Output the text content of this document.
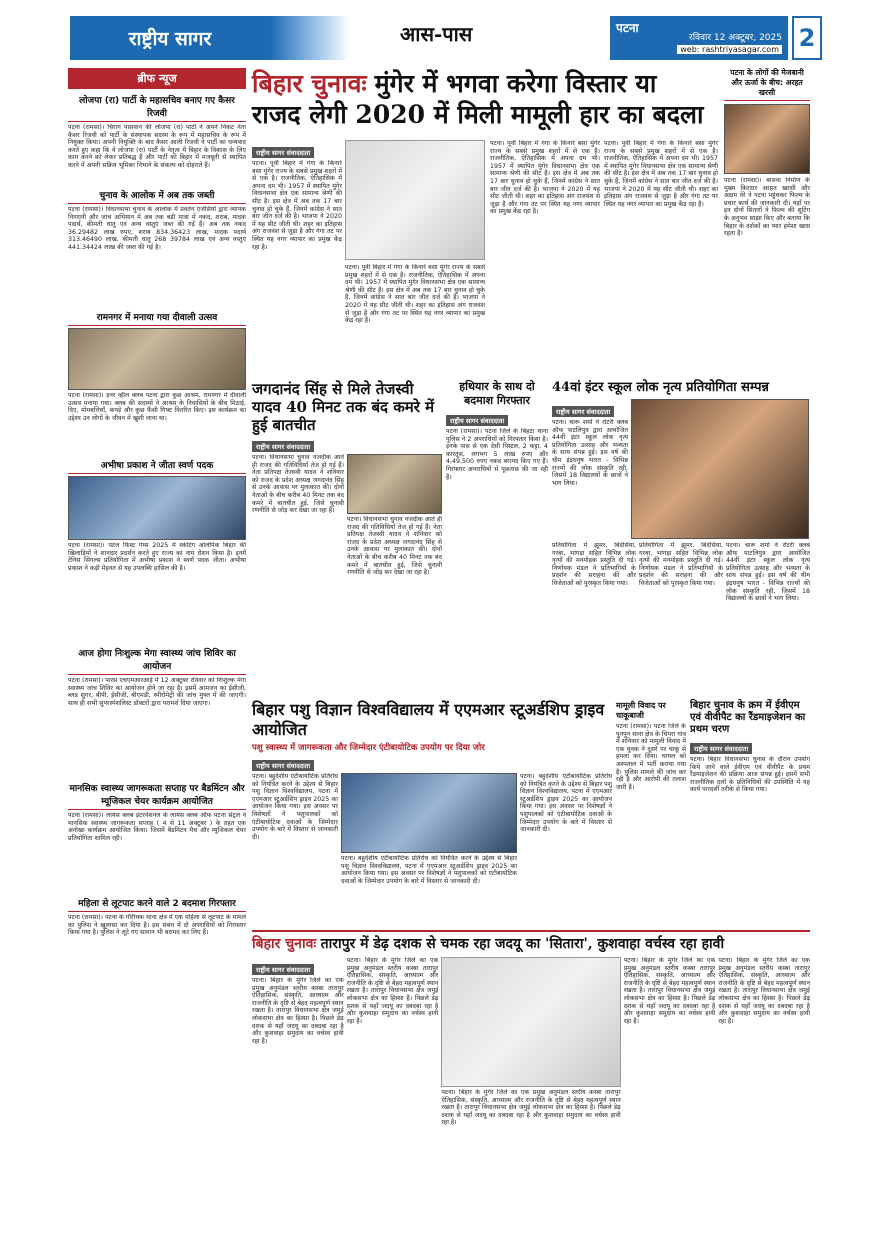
राष्ट्रीय सागर	आस-पास	पटना
रविवार 12 अक्टूबर, 2025
web: rashtriyasagar.com 2
ब्रीफ न्यूज
लोजपा (रा) पार्टी के महासचिव बनाए गए कैसर रिजवी
पटना (रामसा)। चिराग पासवान की लोजपा (रा) पार्टी ने अपने निकट नेता कैसर रिजवी को पार्टी के संस्थापक सदस्य के रूप में महासचिव के रूप में नियुक्त किया। अपनी नियुक्ति के बाद कैसर आली रिजवी ने पार्टी का धन्यवाद करते हुए कहा कि वे लोजपा (रा) पार्टी के नेतृत्व में बिहार के विकास के लिए काम करने को लेकर प्रतिबद्ध हैं और पार्टी को बिहार में मजबूती से स्थापित करने में अपनी सक्रिय भूमिका निभाने के संकल्प को दोहराते हैं।
चुनाव के आलोक में अब तक जब्ती
पटना (रामसा)। विधानसभा चुनाव के आलोक में प्रवर्तन एजेंसियों द्वारा व्यापक निगरानी और जांच अभियान में अब तक बड़ी मात्रा में नकद, शराब, मादक पदार्थ, कीमती धातु एवं अन्य वस्तुएं जब्त की गई हैं। अब तक नकद 36.29482 लाख रुपए, शराब 834.36423 लाख, मादक पदार्थ 313.46490 लाख, कीमती धातु 268 39784 लाख एवं अन्य वस्तुएं 441.34424 लाख की जब्त की गई है।
रामनगर में मनाया गया दीवाली उत्सव
पटना (रामसा)। इनर व्हील क्लब पटना द्वारा कुछ आश्रम, रामनगर में दीवाली उत्सव मनाया गया। क्लब की सदस्यों ने आश्रम के निवासियों के बीच मिठाई, दिए, मोमबत्तियाँ, कपड़े और कुछ फैंसी गिफ्ट वितरित किए। इस कार्यक्रम का उद्देश्य उन लोगों के जीवन में खुशी लाना था।
अभीषा प्रकाश ने जीता स्वर्ण पदक
पटना (रामसा)। पटेल फिस्ट गेम्स 2025 में स्केटिंग ओलंपिक बिहार की खिलाड़ियों ने शानदार प्रदर्शन करते हुए राज्य का नाम रोशन किया है। इनमें टेनिस सिंगल्स प्रतियोगिता में अभीषा प्रकाश ने स्वर्ण पदक जीता। अभीषा प्रकाश ने कड़ी मेहनत से यह उपलब्धि हासिल की है।
आज होगा निःशुल्क मेगा स्वास्थ्य जांच शिविर का आयोजन
पटना (रामसा)। पारस एचएमआरआई में 12 अक्टूबर रविवार को निःशुल्क मेगा स्वास्थ्य जांच शिविर का आयोजन होने जा रहा है। इसमें आमजन का ईसीजी, ब्लड शुगर, बीपी, ईसीजी, बीएमडी, स्पीरोमेट्री की जांच मुफ्त में की जाएगी। साथ ही सभी सुपरस्पेशलिस्ट डॉक्टरों द्वारा परामर्श दिया जाएगा।
मानसिक स्वास्थ्य जागरूकता सप्ताह पर बैडमिंटन और म्यूजिकल चेयर कार्यक्रम आयोजित
पटना (रामसा)। लायंस क्लब इंटरनेशनल के लायंस क्लब ऑफ पटना सेंट्रल ने मानसिक स्वास्थ्य जागरूकता सप्ताह ( 4 से 11 अक्टूबर ) के तहत एक अनोखा कार्यक्रम आयोजित किया। जिसमें बैडमिंटन मैच और म्यूजिकल चेयर प्रतियोगिता शामिल रही।
महिला से लूटपाट करने वाले 2 बदमाश गिरफ्तार
पटना (रामसा)। पटना के गौरीचक थाना क्षेत्र में एक महिला से लूटपाट के मामले का पुलिस ने खुलासा कर दिया है। इस संबंध में दो अपराधियों को गिरफ्तार किया गया है। पुलिस ने लूटे गए सामान भी बरामद कर लिए हैं।
बिहार चुनावः मुंगेर में भगवा करेगा विस्तार या
राजद लेगी 2020 में मिली मामूली हार का बदला
पटना के लोगों की मेजबानी और ऊर्जा के बीच: अरहत खरसी
पटना (रामसा)। बासवा निर्माण के मुख्य किरदार अरहत खरसी और अक्षय वेरे ने पटना पहुंचकर फिल्म के प्रचार कार्य की जानकारी दी। यहाँ पर इन दोनों सितारों ने फिल्म की शूटिंग के अनुभव साझा किए और बताया कि बिहार के दर्शकों का प्यार हमेशा खास रहता है।
राष्ट्रीय सागर संवाददाता
पटना। पूर्वी बिहार में गंगा के किनारे बसा मुंगेर राज्य के सबसे प्रमुख शहरों में से एक है। राजनीतिक, ऐतिहासिक में अपना दम भी। 1957 में स्थापित मुंगेर विधानसभा क्षेत्र एक सामान्य श्रेणी की सीट है। इस क्षेत्र में अब तक 17 बार चुनाव हो चुके हैं, जिनमें कांग्रेस ने सात बार जीत दर्ज की है। भाजपा ने 2020 में यह सीट जीती थी। शहर का इतिहास अंग राजवंश से जुड़ा है और गंगा तट पर स्थित यह नगर व्यापार का प्रमुख केंद्र रहा है।
पटना। पूर्वी बिहार में गंगा के किनारे बसा मुंगेर राज्य के सबसे प्रमुख शहरों में से एक है। राजनीतिक, ऐतिहासिक में अपना दम भी। 1957 में स्थापित मुंगेर विधानसभा क्षेत्र एक सामान्य श्रेणी की सीट है। इस क्षेत्र में अब तक 17 बार चुनाव हो चुके हैं, जिनमें कांग्रेस ने सात बार जीत दर्ज की है। भाजपा ने 2020 में यह सीट जीती थी। शहर का इतिहास अंग राजवंश से जुड़ा है और गंगा तट पर स्थित यह नगर व्यापार का प्रमुख केंद्र रहा है।
पटना। पूर्वी बिहार में गंगा के किनारे बसा मुंगेर राज्य के सबसे प्रमुख शहरों में से एक है। राजनीतिक, ऐतिहासिक में अपना दम भी। 1957 में स्थापित मुंगेर विधानसभा क्षेत्र एक सामान्य श्रेणी की सीट है। इस क्षेत्र में अब तक 17 बार चुनाव हो चुके हैं, जिनमें कांग्रेस ने सात बार जीत दर्ज की है। भाजपा ने 2020 में यह सीट जीती थी। शहर का इतिहास अंग राजवंश से जुड़ा है और गंगा तट पर स्थित यह नगर व्यापार का प्रमुख केंद्र रहा है।
पटना। पूर्वी बिहार में गंगा के किनारे बसा मुंगेर राज्य के सबसे प्रमुख शहरों में से एक है। राजनीतिक, ऐतिहासिक में अपना दम भी। 1957 में स्थापित मुंगेर विधानसभा क्षेत्र एक सामान्य श्रेणी की सीट है। इस क्षेत्र में अब तक 17 बार चुनाव हो चुके हैं, जिनमें कांग्रेस ने सात बार जीत दर्ज की है। भाजपा ने 2020 में यह सीट जीती थी। शहर का इतिहास अंग राजवंश से जुड़ा है और गंगा तट पर स्थित यह नगर व्यापार का प्रमुख केंद्र रहा है।
जगदानंद सिंह से मिले तेजस्वी यादव 40 मिनट तक बंद कमरे में हुई बातचीत
राष्ट्रीय सागर संवाददाता
पटना। विधानसभा चुनाव नजदीक आते ही राजद की गतिविधियाँ तेज हो गई हैं। नेता प्रतिपक्ष तेजस्वी यादव ने शनिवार को राजद के प्रदेश अध्यक्ष जगदानंद सिंह से उनके आवास पर मुलाकात की। दोनों नेताओं के बीच करीब 40 मिनट तक बंद कमरे में बातचीत हुई, जिसे चुनावी रणनीति से जोड़ कर देखा जा रहा है।
पटना। विधानसभा चुनाव नजदीक आते ही राजद की गतिविधियाँ तेज हो गई हैं। नेता प्रतिपक्ष तेजस्वी यादव ने शनिवार को राजद के प्रदेश अध्यक्ष जगदानंद सिंह से उनके आवास पर मुलाकात की। दोनों नेताओं के बीच करीब 40 मिनट तक बंद कमरे में बातचीत हुई, जिसे चुनावी रणनीति से जोड़ कर देखा जा रहा है।
हथियार के साथ दो बदमाश गिरफ्तार
राष्ट्रीय सागर संवाददाता
पटना (रामसा)। पटना जिले के बिहटा थाना पुलिस ने 2 अपराधियों को गिरफ्तार किया है। इनके पास से एक देसी पिस्टल, 2 कट्टा, 4 कारतूस, लगभग 5 लाख रुपए और 4,49,500 रुपए नकद बरामद किए गए हैं। गिरफ्तार अपराधियों से पूछताछ की जा रही है।
44वां इंटर स्कूल लोक नृत्य प्रतियोगिता सम्पन्न
राष्ट्रीय सागर संवाददाता
पटना। चारू शर्मा ने रोटरी क्लब ऑफ पाटलिपुत्र द्वारा आयोजित 44वीं इंटर स्कूल लोक नृत्य प्रतियोगिता उत्साह और भव्यता के साथ संपन्न हुई। इस वर्ष की थीम इंद्रधनुष भारत - विभिन्न राज्यों की लोक संस्कृति रही, जिसमें 18 विद्यालयों के छात्रों ने भाग लिया।
प्रतियोगिता में झूमर, बिदेसिया, गरबा, भांगड़ा सहित विभिन्न लोक नृत्यों की मनमोहक प्रस्तुति दी गई। निर्णायक मंडल ने प्रतिभागियों के प्रदर्शन की सराहना की और विजेताओं को पुरस्कृत किया गया।
प्रतियोगिता में झूमर, बिदेसिया, गरबा, भांगड़ा सहित विभिन्न लोक नृत्यों की मनमोहक प्रस्तुति दी गई। निर्णायक मंडल ने प्रतिभागियों के प्रदर्शन की सराहना की और विजेताओं को पुरस्कृत किया गया।
पटना। चारू शर्मा ने रोटरी क्लब ऑफ पाटलिपुत्र द्वारा आयोजित 44वीं इंटर स्कूल लोक नृत्य प्रतियोगिता उत्साह और भव्यता के साथ संपन्न हुई। इस वर्ष की थीम इंद्रधनुष भारत - विभिन्न राज्यों की लोक संस्कृति रही, जिसमें 18 विद्यालयों के छात्रों ने भाग लिया।
बिहार पशु विज्ञान विश्वविद्यालय में एएमआर स्टूअर्डशिप ड्राइव आयोजित
पशु स्वास्थ्य में जागरूकता और जिम्मेदार एंटीबायोटिक उपयोग पर दिया जोर
राष्ट्रीय सागर संवाददाता
पटना। बहुदेशीय एंटीबायोटिक प्रतिरोध को नियंत्रित करने के उद्देश्य से बिहार पशु विज्ञान विश्वविद्यालय, पटना में एएमआर स्टूअर्डशिप ड्राइव 2025 का आयोजन किया गया। इस अवसर पर विशेषज्ञों ने पशुपालकों को एंटीबायोटिक दवाओं के जिम्मेदार उपयोग के बारे में विस्तार से जानकारी दी।
पटना। बहुदेशीय एंटीबायोटिक प्रतिरोध को नियंत्रित करने के उद्देश्य से बिहार पशु विज्ञान विश्वविद्यालय, पटना में एएमआर स्टूअर्डशिप ड्राइव 2025 का आयोजन किया गया। इस अवसर पर विशेषज्ञों ने पशुपालकों को एंटीबायोटिक दवाओं के जिम्मेदार उपयोग के बारे में विस्तार से जानकारी दी।
पटना। बहुदेशीय एंटीबायोटिक प्रतिरोध को नियंत्रित करने के उद्देश्य से बिहार पशु विज्ञान विश्वविद्यालय, पटना में एएमआर स्टूअर्डशिप ड्राइव 2025 का आयोजन किया गया। इस अवसर पर विशेषज्ञों ने पशुपालकों को एंटीबायोटिक दवाओं के जिम्मेदार उपयोग के बारे में विस्तार से जानकारी दी।
मामूली विवाद पर चाकूबाजी
पटना (रामसा)। पटना जिले के पुनपुन थाना क्षेत्र के चिपरा गांव में शनिवार को मामूली विवाद में एक युवक ने दूसरे पर चाकू से हमला कर दिया। घायल को अस्पताल में भर्ती कराया गया है। पुलिस मामले की जांच कर रही है और आरोपी की तलाश जारी है।
बिहार चुनाव के क्रम में ईवीएम एवं वीवीपैट का रैंडमाइजेशन का प्रथम चरण
राष्ट्रीय सागर संवाददाता
पटना। बिहार विधानसभा चुनाव के दौरान उपयोग किये जाने वाले ईवीएम एवं वीवीपैट के प्रथम रैंडमाइजेशन की प्रक्रिया आज संपन्न हुई। इसमें सभी राजनीतिक दलों के प्रतिनिधियों की उपस्थिति में यह कार्य पारदर्शी तरीके से किया गया।
बिहार चुनावः तारापुर में डेढ़ दशक से चमक रहा जदयू का 'सितारा', कुशवाहा वर्चस्व रहा हावी
राष्ट्रीय सागर संवाददाता
पटना। बिहार के मुंगेर जिले का एक प्रमुख अनुमंडल स्तरीय कस्बा तारापुर ऐतिहासिक, संस्कृति, आध्यात्म और राजनीति के दृष्टि से बेहद महत्वपूर्ण स्थान रखता है। तारापुर विधानसभा क्षेत्र जमुई लोकसभा क्षेत्र का हिस्सा है। पिछले डेढ़ दशक से यहाँ जदयू का दबदबा रहा है और कुशवाहा समुदाय का वर्चस्व हावी रहा है।
पटना। बिहार के मुंगेर जिले का एक प्रमुख अनुमंडल स्तरीय कस्बा तारापुर ऐतिहासिक, संस्कृति, आध्यात्म और राजनीति के दृष्टि से बेहद महत्वपूर्ण स्थान रखता है। तारापुर विधानसभा क्षेत्र जमुई लोकसभा क्षेत्र का हिस्सा है। पिछले डेढ़ दशक से यहाँ जदयू का दबदबा रहा है और कुशवाहा समुदाय का वर्चस्व हावी रहा है।
पटना। बिहार के मुंगेर जिले का एक प्रमुख अनुमंडल स्तरीय कस्बा तारापुर ऐतिहासिक, संस्कृति, आध्यात्म और राजनीति के दृष्टि से बेहद महत्वपूर्ण स्थान रखता है। तारापुर विधानसभा क्षेत्र जमुई लोकसभा क्षेत्र का हिस्सा है। पिछले डेढ़ दशक से यहाँ जदयू का दबदबा रहा है और कुशवाहा समुदाय का वर्चस्व हावी रहा है।
पटना। बिहार के मुंगेर जिले का एक प्रमुख अनुमंडल स्तरीय कस्बा तारापुर ऐतिहासिक, संस्कृति, आध्यात्म और राजनीति के दृष्टि से बेहद महत्वपूर्ण स्थान रखता है। तारापुर विधानसभा क्षेत्र जमुई लोकसभा क्षेत्र का हिस्सा है। पिछले डेढ़ दशक से यहाँ जदयू का दबदबा रहा है और कुशवाहा समुदाय का वर्चस्व हावी रहा है।
पटना। बिहार के मुंगेर जिले का एक प्रमुख अनुमंडल स्तरीय कस्बा तारापुर ऐतिहासिक, संस्कृति, आध्यात्म और राजनीति के दृष्टि से बेहद महत्वपूर्ण स्थान रखता है। तारापुर विधानसभा क्षेत्र जमुई लोकसभा क्षेत्र का हिस्सा है। पिछले डेढ़ दशक से यहाँ जदयू का दबदबा रहा है और कुशवाहा समुदाय का वर्चस्व हावी रहा है।
